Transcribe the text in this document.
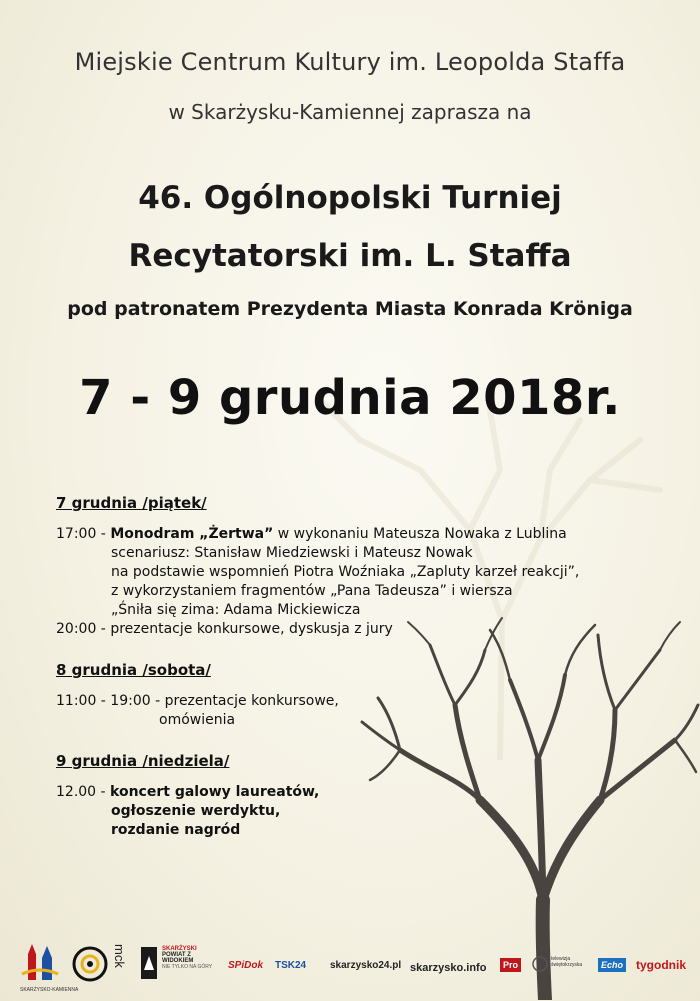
Miejskie Centrum Kultury im. Leopolda Staffa
w Skarżysku-Kamiennej zaprasza na
46. Ogólnopolski Turniej
Recytatorski im. L. Staffa
pod patronatem Prezydenta Miasta Konrada Kröniga
7 - 9 grudnia 2018r.
7 grudnia /piątek/
17:00 - Monodram „Żertwa” w wykonaniu Mateusza Nowaka z Lublina
scenariusz: Stanisław Miedziewski i Mateusz Nowak
na podstawie wspomnień Piotra Woźniaka „Zapluty karzeł reakcji”,
z wykorzystaniem fragmentów „Pana Tadeusza” i wiersza
„Śniła się zima: Adama Mickiewicza
20:00 - prezentacje konkursowe, dyskusja z jury
8 grudnia /sobota/
11:00 - 19:00 - prezentacje konkursowe,
omówienia
9 grudnia /niedziela/
12.00 - koncert galowy laureatów,
ogłoszenie werdyktu,
rozdanie nagród
SKARŻYSKO-KAMIENNA
mck	SKARŻYSKI
POWIAT Z WIDOKIEM
NIE TYLKO NA GÓRY	SPiDok TSK24 skarzysko24.pl skarzysko.info	Pro
telewizja
świętokrzyska	Echo tygodnik
